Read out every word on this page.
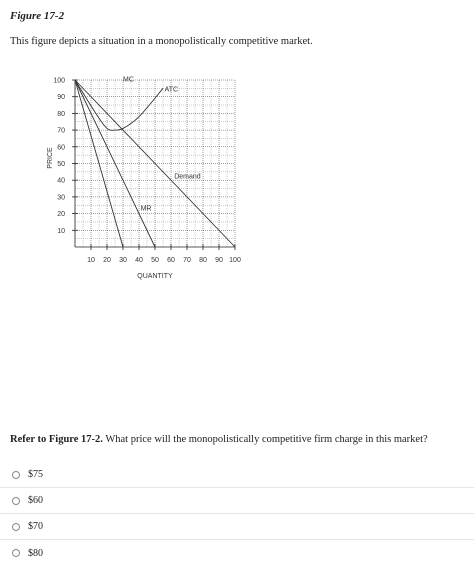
Figure 17-2
This figure depicts a situation in a monopolistically competitive market.
MC
ATC
Demand
MR
10 20 30 40 50 60 70 80 90 100
10
20
30
40
50
60
70
80
90
100
PRICE
QUANTITY
Refer to Figure 17-2. What price will the monopolistically competitive firm charge in this market?
$75
$60
$70
$80
